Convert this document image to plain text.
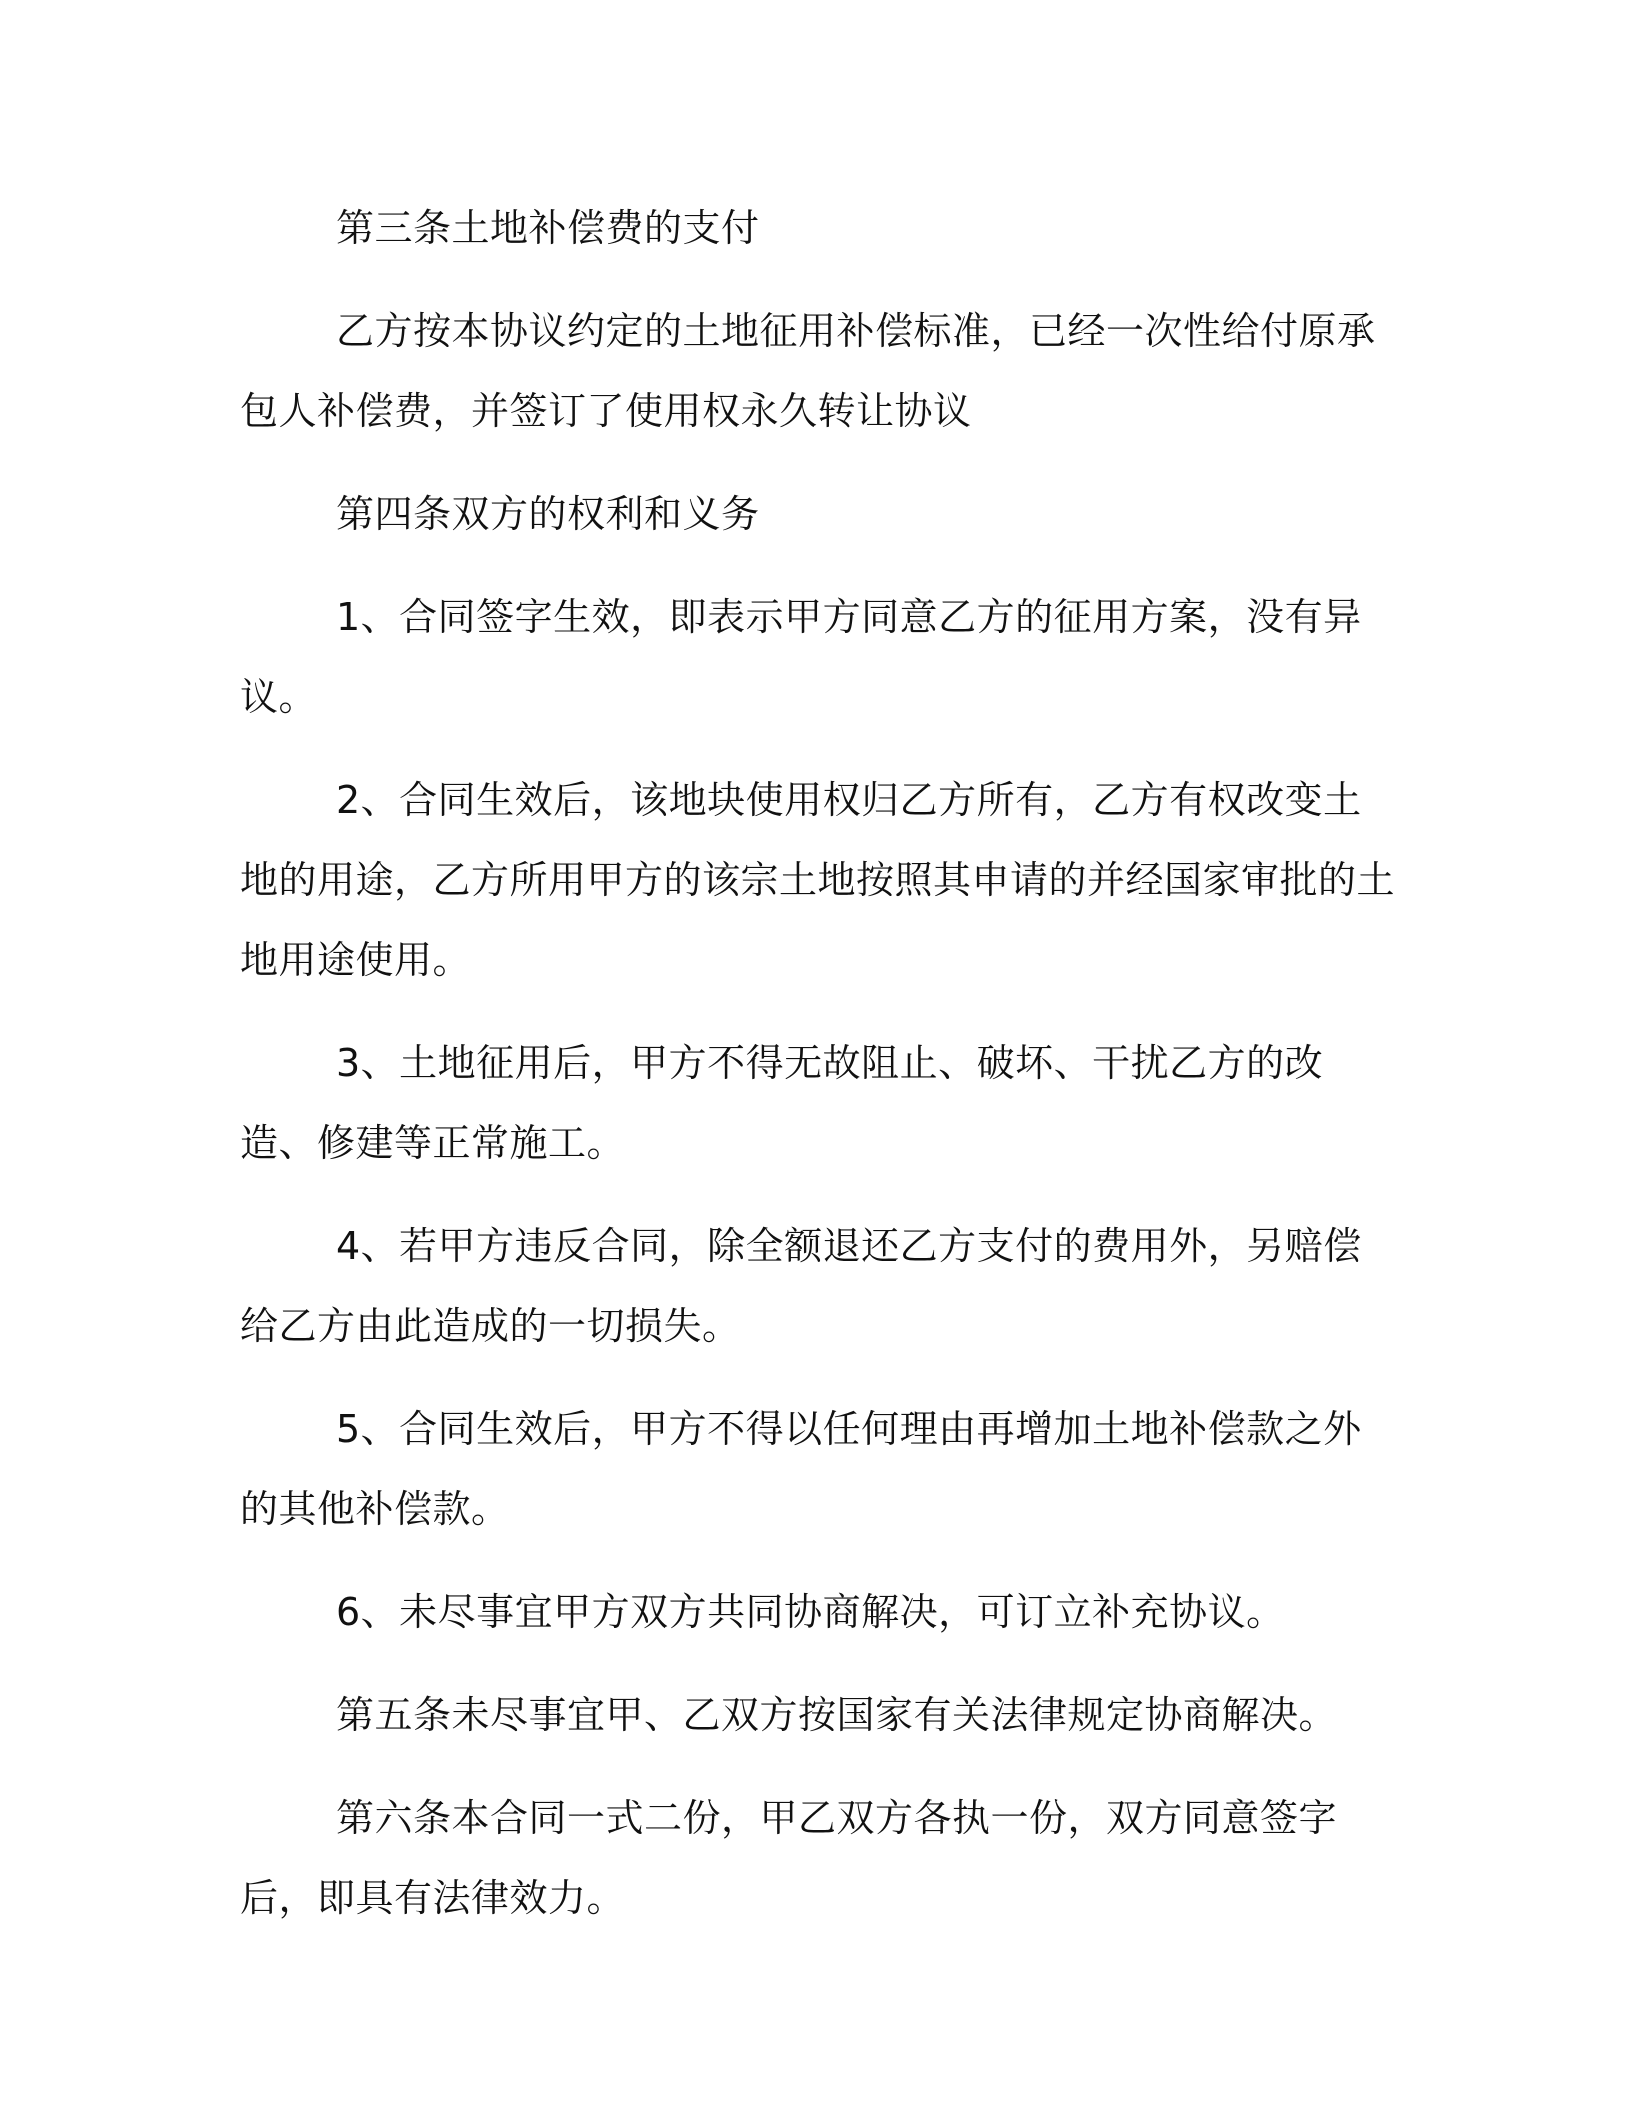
第三条土地补偿费的支付

乙方按本协议约定的土地征用补偿标准，已经一次性给付原承包人补偿费，并签订了使用权永久转让协议

第四条双方的权利和义务

1、合同签字生效，即表示甲方同意乙方的征用方案，没有异议。

2、合同生效后，该地块使用权归乙方所有，乙方有权改变土地的用途，乙方所用甲方的该宗土地按照其申请的并经国家审批的土地用途使用。

3、土地征用后，甲方不得无故阻止、破坏、干扰乙方的改造、修建等正常施工。

4、若甲方违反合同，除全额退还乙方支付的费用外，另赔偿给乙方由此造成的一切损失。

5、合同生效后，甲方不得以任何理由再增加土地补偿款之外的其他补偿款。

6、未尽事宜甲方双方共同协商解决，可订立补充协议。

第五条未尽事宜甲、乙双方按国家有关法律规定协商解决。

第六条本合同一式二份，甲乙双方各执一份，双方同意签字后，即具有法律效力。
